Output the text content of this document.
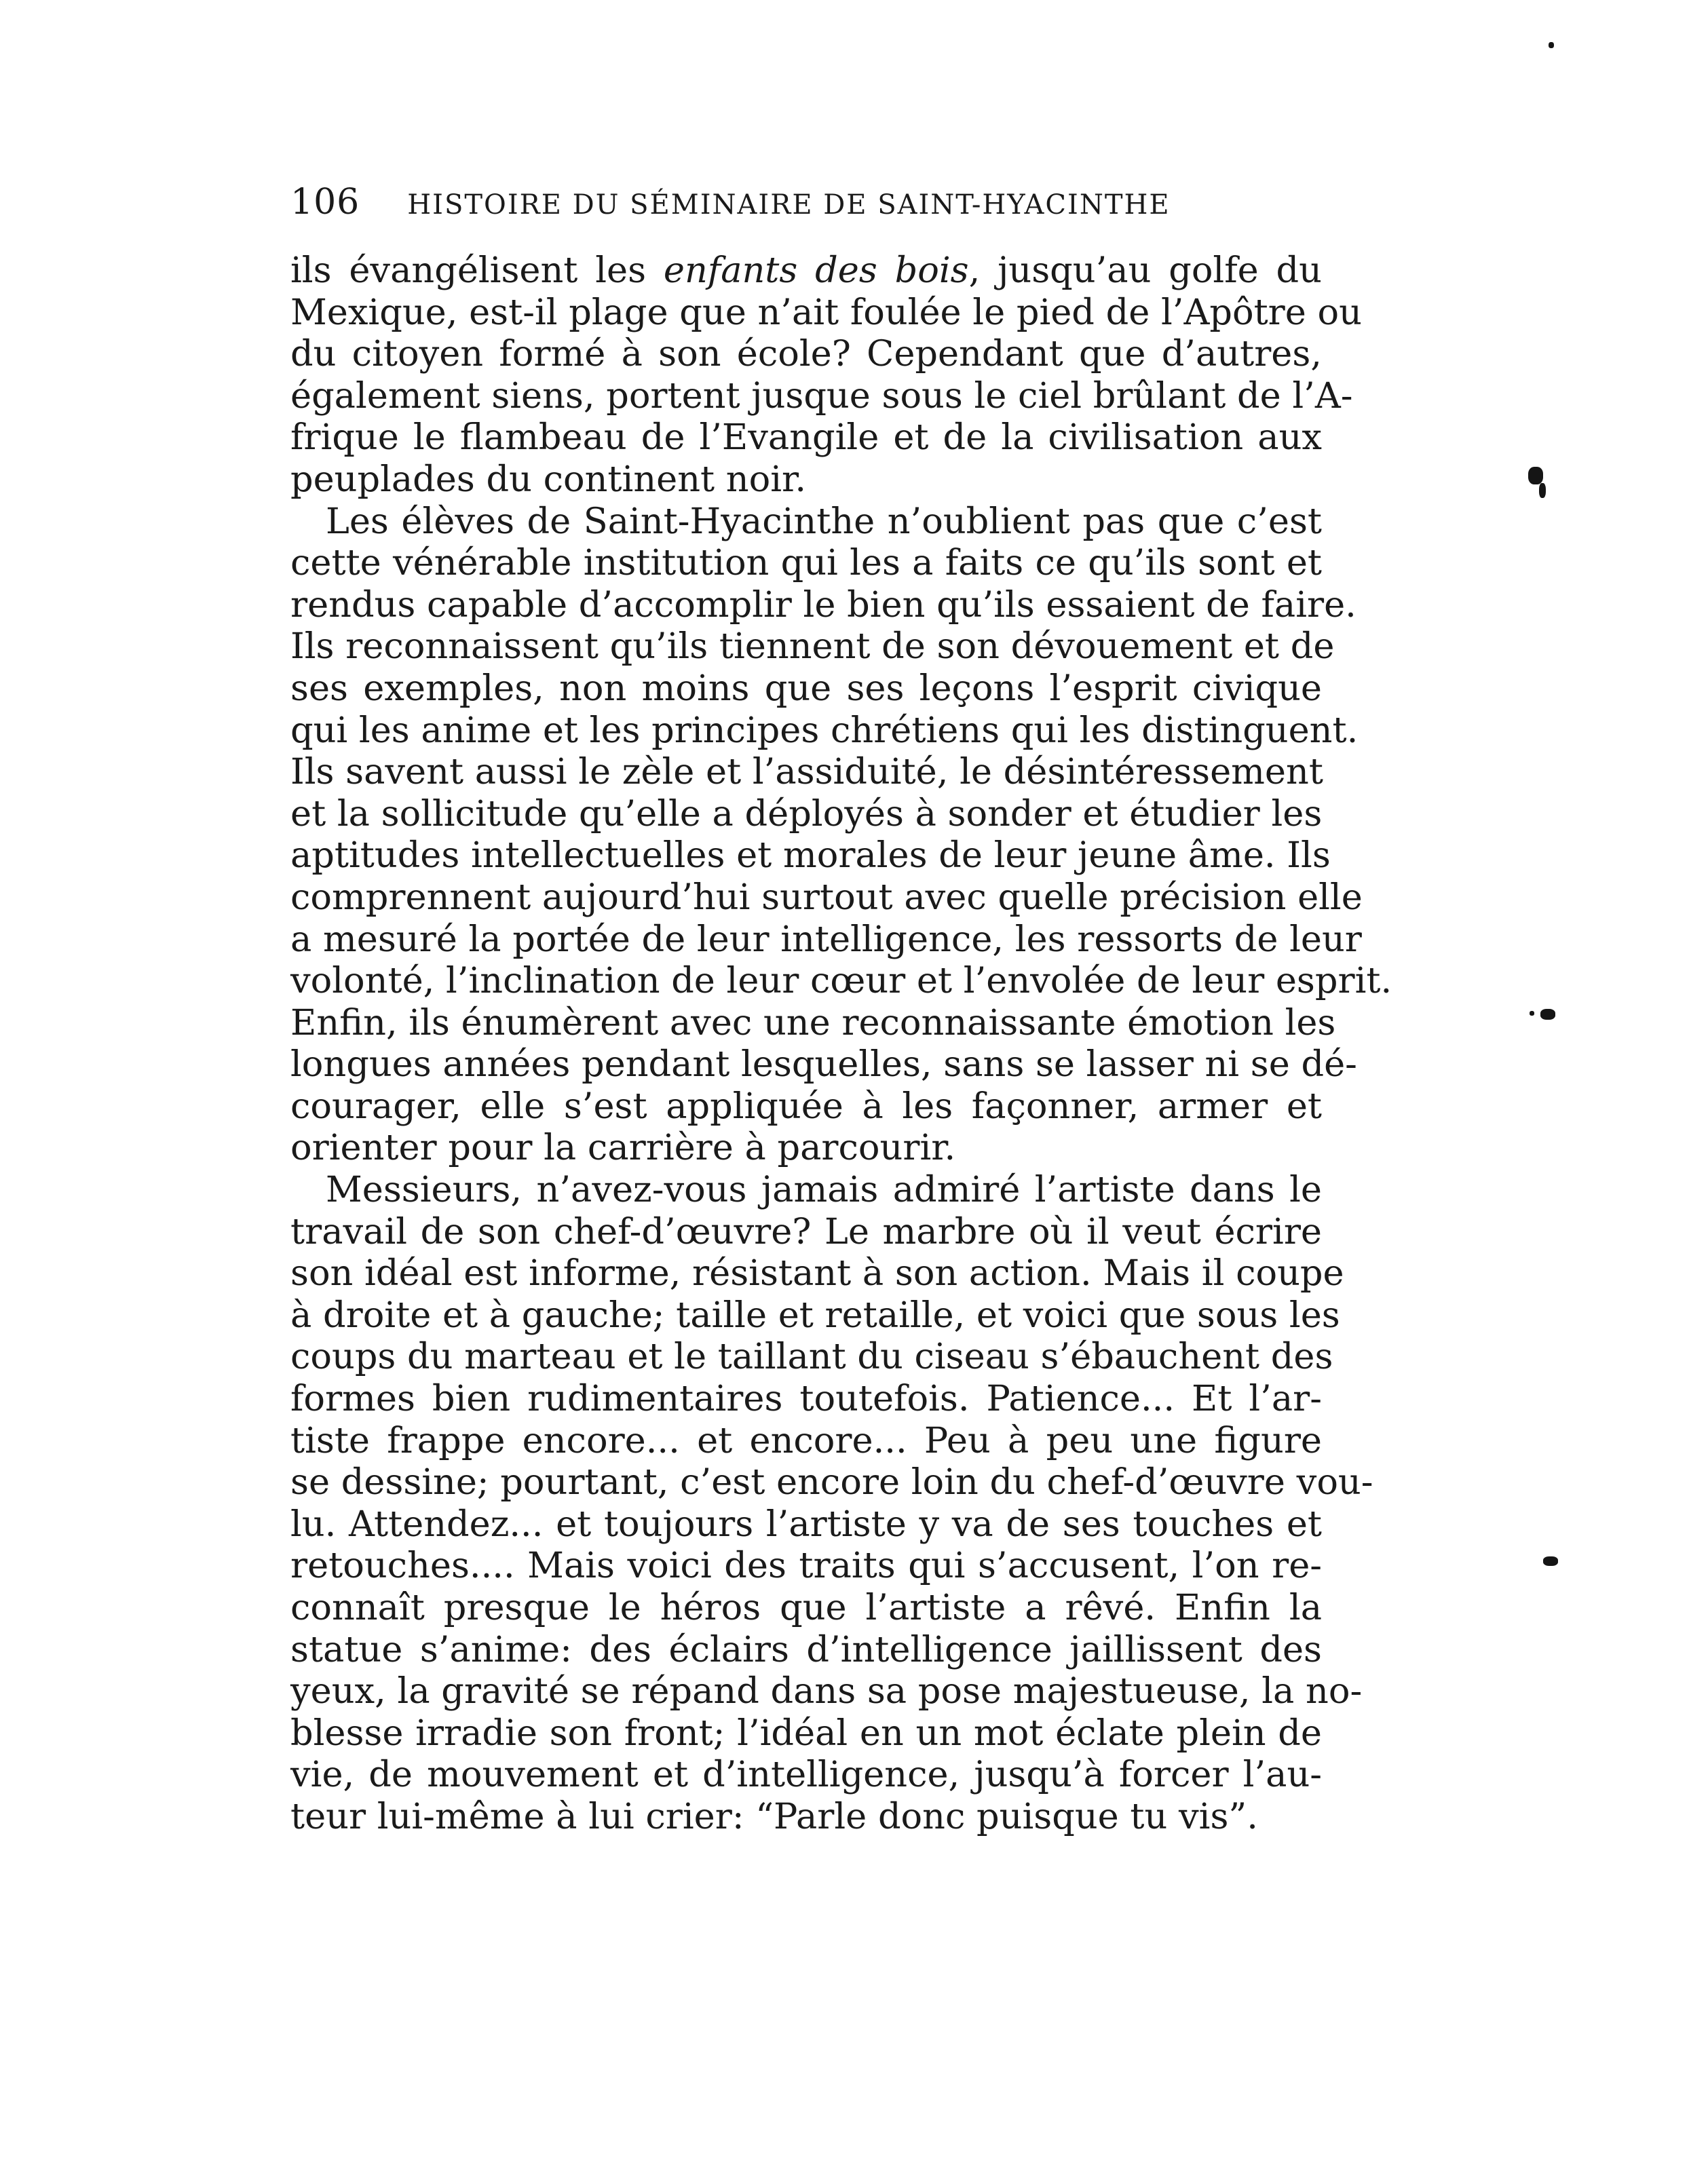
106 HISTOIRE DU SÉMINAIRE DE SAINT-HYACINTHE
ils évangélisent les enfants des bois, jusqu’au golfe du
Mexique, est-il plage que n’ait foulée le pied de l’Apôtre ou
du citoyen formé à son école? Cependant que d’autres,
également siens, portent jusque sous le ciel brûlant de l’A-
frique le flambeau de l’Evangile et de la civilisation aux
peuplades du continent noir.
Les élèves de Saint-Hyacinthe n’oublient pas que c’est
cette vénérable institution qui les a faits ce qu’ils sont et
rendus capable d’accomplir le bien qu’ils essaient de faire.
Ils reconnaissent qu’ils tiennent de son dévouement et de
ses exemples, non moins que ses leçons l’esprit civique
qui les anime et les principes chrétiens qui les distinguent.
Ils savent aussi le zèle et l’assiduité, le désintéressement
et la sollicitude qu’elle a déployés à sonder et étudier les
aptitudes intellectuelles et morales de leur jeune âme. Ils
comprennent aujourd’hui surtout avec quelle précision elle
a mesuré la portée de leur intelligence, les ressorts de leur
volonté, l’inclination de leur cœur et l’envolée de leur esprit.
Enfin, ils énumèrent avec une reconnaissante émotion les
longues années pendant lesquelles, sans se lasser ni se dé-
courager, elle s’est appliquée à les façonner, armer et
orienter pour la carrière à parcourir.
Messieurs, n’avez-vous jamais admiré l’artiste dans le
travail de son chef-d’œuvre? Le marbre où il veut écrire
son idéal est informe, résistant à son action. Mais il coupe
à droite et à gauche; taille et retaille, et voici que sous les
coups du marteau et le taillant du ciseau s’ébauchent des
formes bien rudimentaires toutefois. Patience... Et l’ar-
tiste frappe encore... et encore... Peu à peu une figure
se dessine; pourtant, c’est encore loin du chef-d’œuvre vou-
lu. Attendez... et toujours l’artiste y va de ses touches et
retouches.... Mais voici des traits qui s’accusent, l’on re-
connaît presque le héros que l’artiste a rêvé. Enfin la
statue s’anime: des éclairs d’intelligence jaillissent des
yeux, la gravité se répand dans sa pose majestueuse, la no-
blesse irradie son front; l’idéal en un mot éclate plein de
vie, de mouvement et d’intelligence, jusqu’à forcer l’au-
teur lui-même à lui crier: “Parle donc puisque tu vis”.
